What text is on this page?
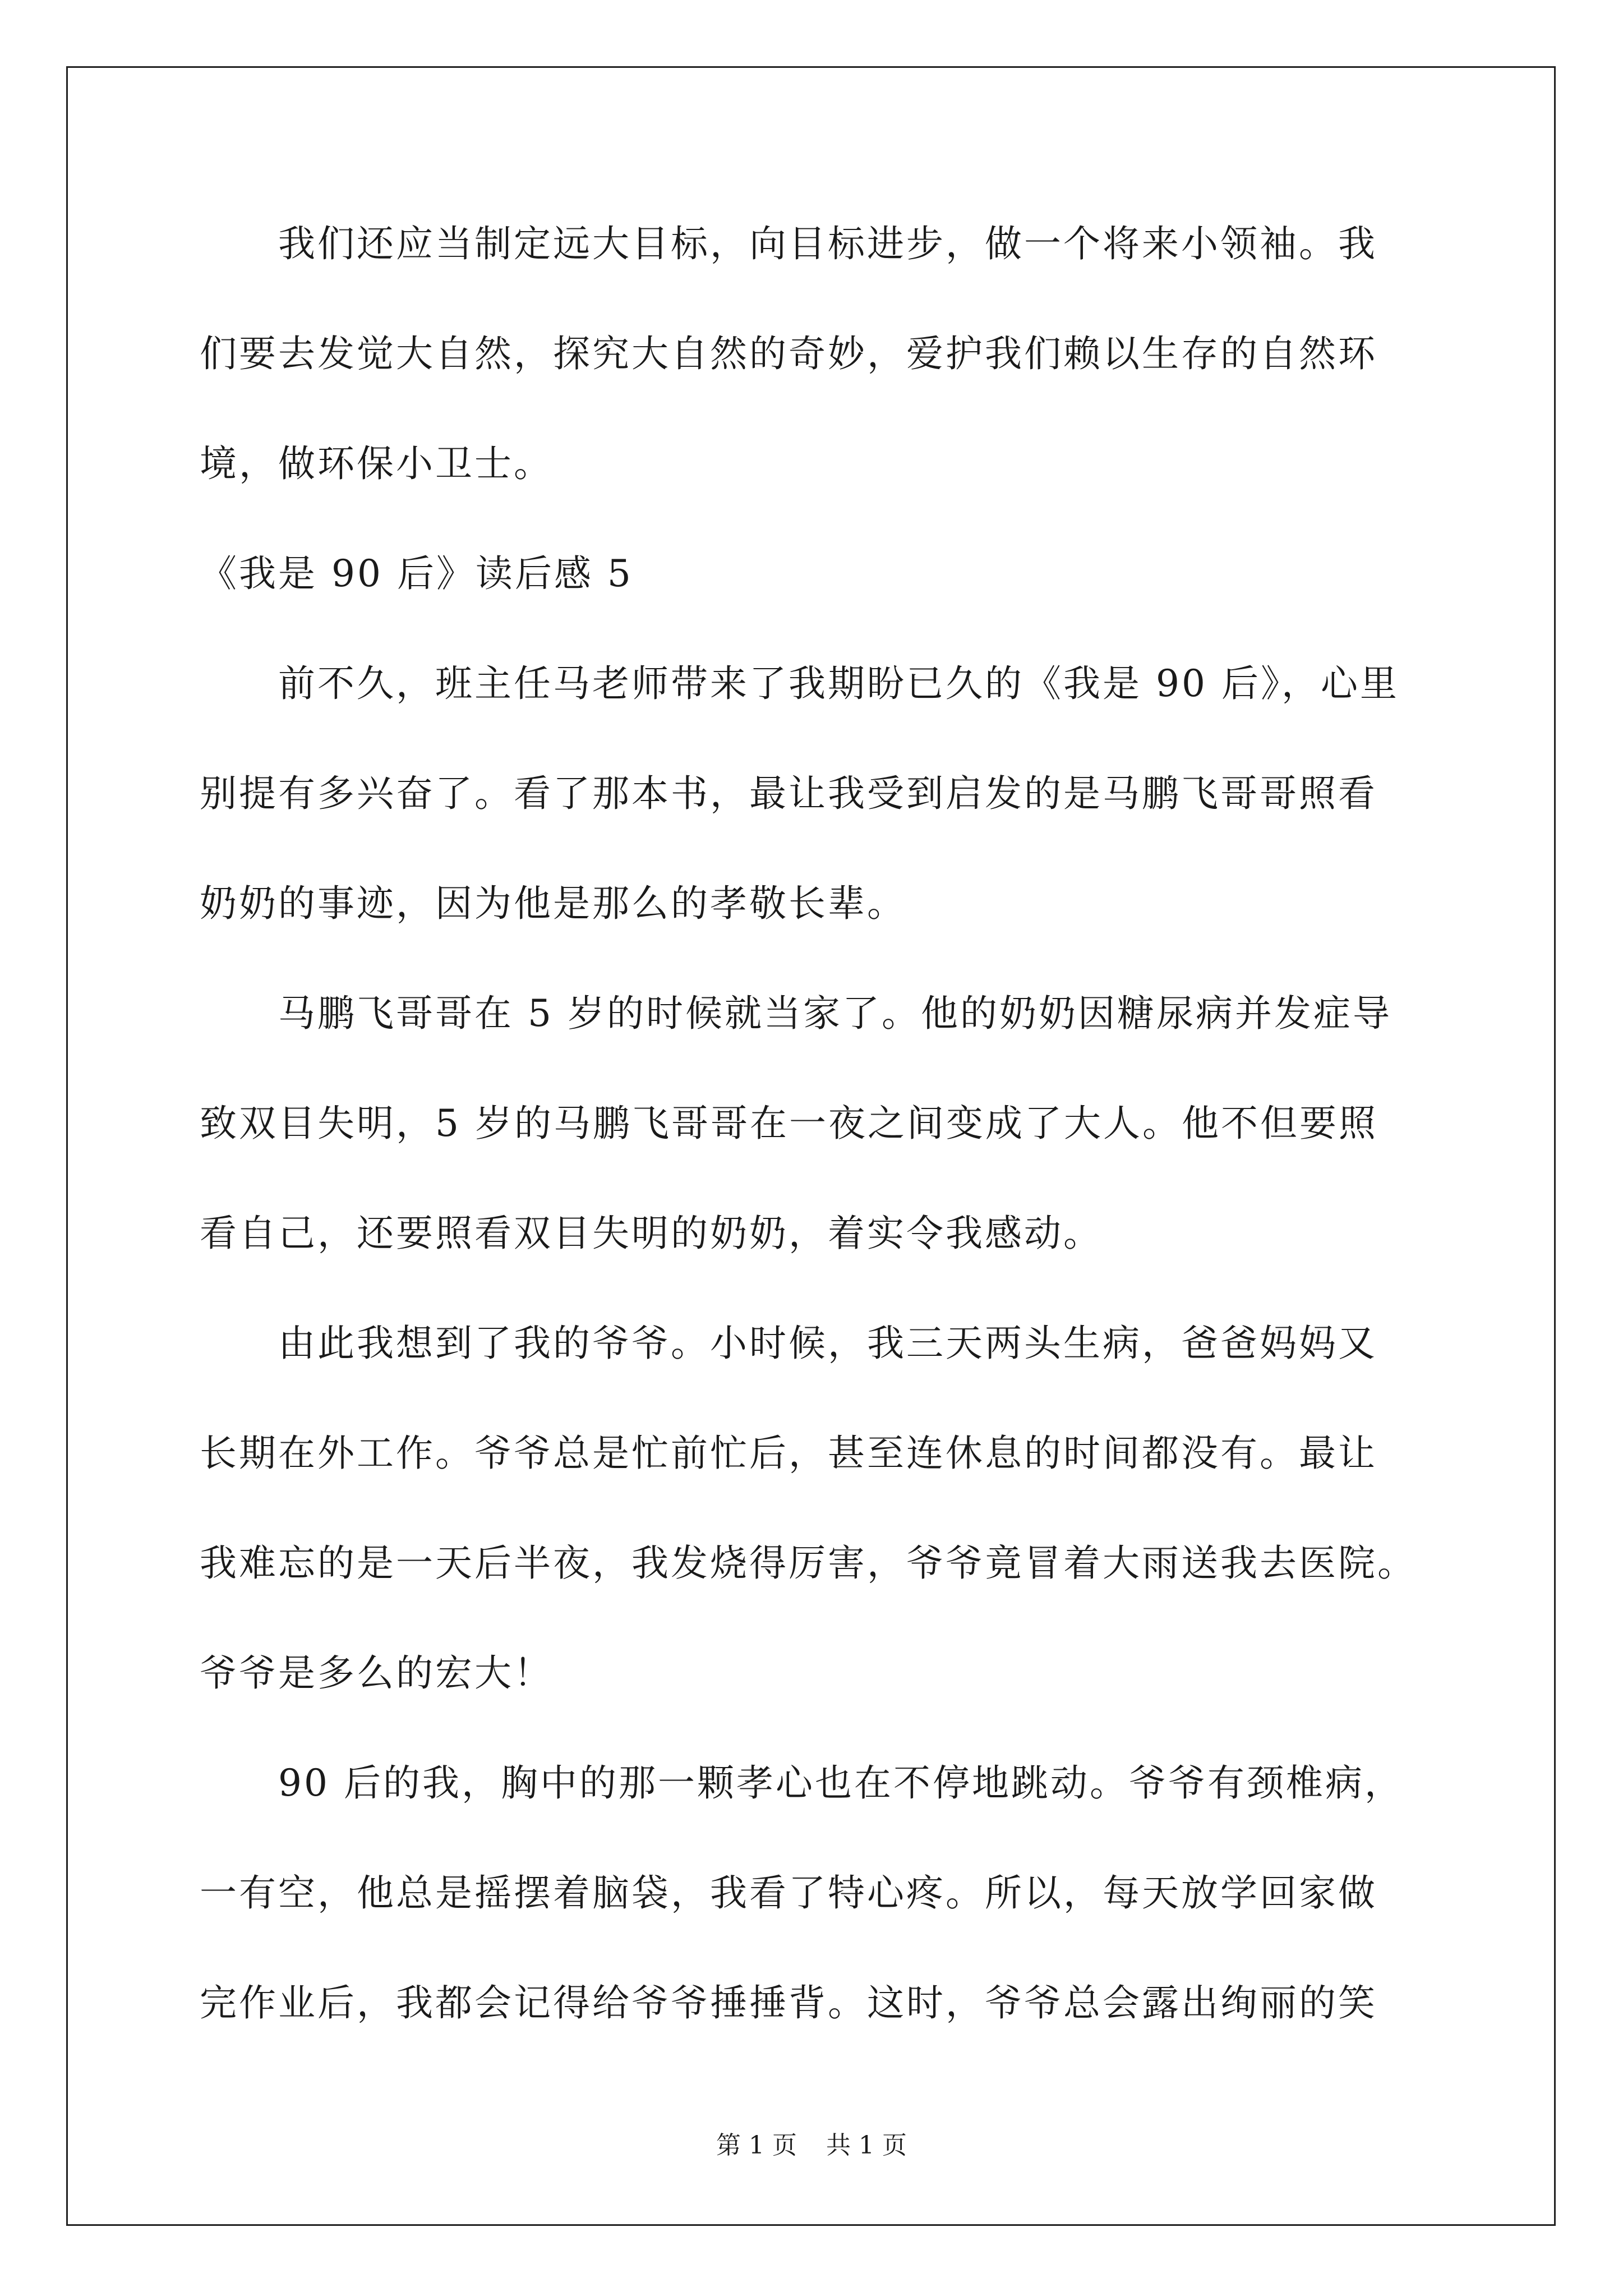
　　我们还应当制定远大目标，向目标进步，做一个将来小领袖。我
们要去发觉大自然，探究大自然的奇妙，爱护我们赖以生存的自然环
境，做环保小卫士。
《我是 90 后》读后感 5
　　前不久，班主任马老师带来了我期盼已久的《我是 90 后》，心里
别提有多兴奋了。看了那本书，最让我受到启发的是马鹏飞哥哥照看
奶奶的事迹，因为他是那么的孝敬长辈。
　　马鹏飞哥哥在 5 岁的时候就当家了。他的奶奶因糖尿病并发症导
致双目失明，5 岁的马鹏飞哥哥在一夜之间变成了大人。他不但要照
看自己，还要照看双目失明的奶奶，着实令我感动。
　　由此我想到了我的爷爷。小时候，我三天两头生病，爸爸妈妈又
长期在外工作。爷爷总是忙前忙后，甚至连休息的时间都没有。最让
我难忘的是一天后半夜，我发烧得厉害，爷爷竟冒着大雨送我去医院。
爷爷是多么的宏大！
　　90 后的我，胸中的那一颗孝心也在不停地跳动。爷爷有颈椎病，
一有空，他总是摇摆着脑袋，我看了特心疼。所以，每天放学回家做
完作业后，我都会记得给爷爷捶捶背。这时，爷爷总会露出绚丽的笑
第 1 页 共 1 页
